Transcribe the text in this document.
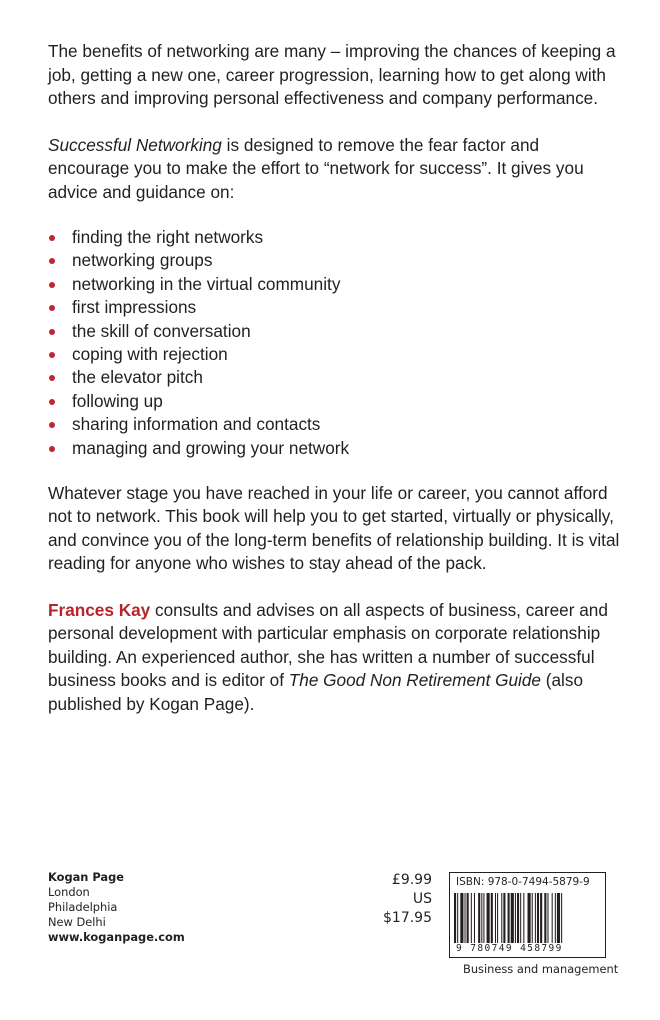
The benefits of networking are many – improving the chances of keeping a job, getting a new one, career progression, learning how to get along with others and improving personal effectiveness and company performance.

Successful Networking is designed to remove the fear factor and encourage you to make the effort to “network for success”. It gives you advice and guidance on:

finding the right networks
networking groups
networking in the virtual community
first impressions
the skill of conversation
coping with rejection
the elevator pitch
following up
sharing information and contacts
managing and growing your network

Whatever stage you have reached in your life or career, you cannot afford not to network. This book will help you to get started, virtually or physically, and convince you of the long-term benefits of relationship building. It is vital reading for anyone who wishes to stay ahead of the pack.

Frances Kay consults and advises on all aspects of business, career and personal development with particular emphasis on corporate relationship building. An experienced author, she has written a number of successful business books and is editor of The Good Non Retirement Guide (also published by Kogan Page).

Kogan Page
London
Philadelphia
New Delhi
www.koganpage.com
£9.99
US $17.95
ISBN: 978-0-7494-5879-9
9 780749 458799
Business and management
